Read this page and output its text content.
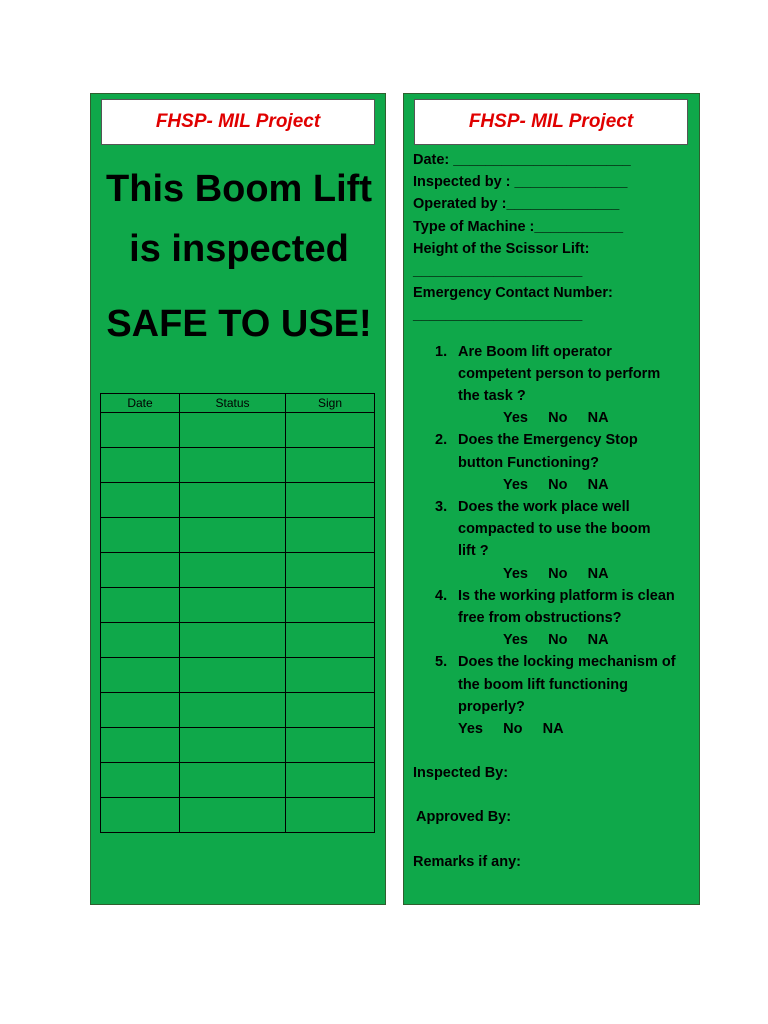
FHSP- MIL Project
This Boom Lift
is inspected
SAFE TO USE!
Date	Status	Sign

FHSP- MIL Project
Date: ______________________
Inspected by : ______________
Operated by :______________
Type of Machine :___________
Height of the Scissor Lift:
_____________________
Emergency Contact Number:
_____________________
1. Are Boom lift operator
competent person to perform
the task ?
Yes     No     NA
2. Does the Emergency Stop
button Functioning?
Yes     No     NA
3. Does the work place well
compacted to use the boom
lift ?
Yes     No     NA
4. Is the working platform is clean
free from obstructions?
Yes     No     NA
5. Does the locking mechanism of
the boom lift functioning
properly?
Yes     No     NA
Inspected By:
Approved By:
Remarks if any:
